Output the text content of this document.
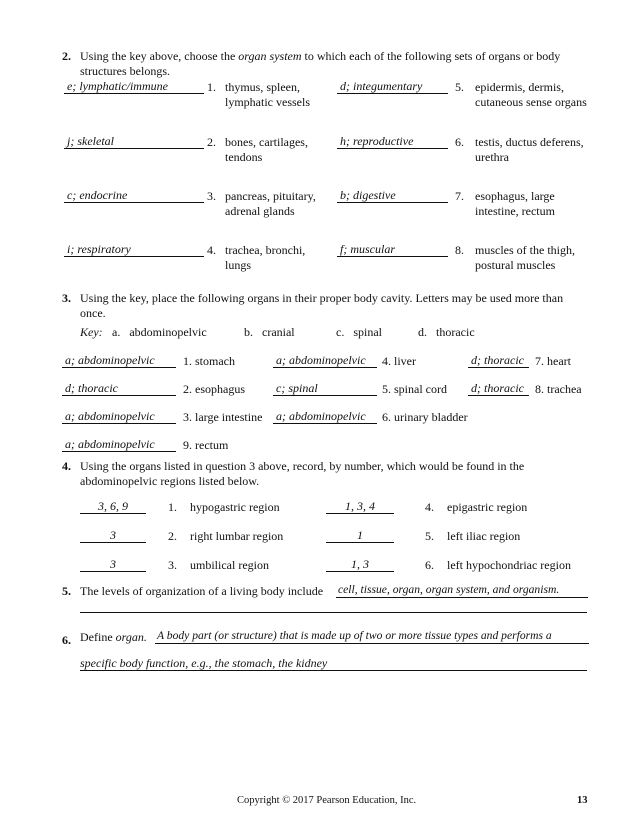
2. Using the key above, choose the organ system to which each of the following sets of organs or body
structures belongs.
e; lymphatic/immune	1. thymus, spleen,
lymphatic vessels
d; integumentary	5. epidermis, dermis,
cutaneous sense organs
j; skeletal	2. bones, cartilages,
tendons
h; reproductive	6. testis, ductus deferens,
urethra
c; endocrine	3. pancreas, pituitary,
adrenal glands
b; digestive	7. esophagus, large
intestine, rectum
i; respiratory	4. trachea, bronchi,
lungs
f; muscular	8. muscles of the thigh,
postural muscles
3. Using the key, place the following organs in their proper body cavity. Letters may be used more than
once.
Key: a. abdominopelvic	b. cranial	c. spinal	d. thoracic
a; abdominopelvic	1. stomach	a; abdominopelvic	4. liver	d; thoracic 7. heart
d; thoracic	2. esophagus	c; spinal	5. spinal cord d; thoracic 8. trachea
a; abdominopelvic	3. large intestine a; abdominopelvic	6. urinary bladder
a; abdominopelvic	9. rectum
4. Using the organs listed in question 3 above, record, by number, which would be found in the
abdominopelvic regions listed below.
3, 6, 9	1. hypogastric region	1, 3, 4	4. epigastric region
3	2. right lumbar region	1	5. left iliac region
3	3. umbilical region	1, 3	6. left hypochondriac region
5. The levels of organization of a living body include cell, tissue, organ, organ system, and organism.
6. Define organ. A body part (or structure) that is made up of two or more tissue types and performs a
specific body function, e.g., the stomach, the kidney
Copyright © 2017 Pearson Education, Inc.	13
